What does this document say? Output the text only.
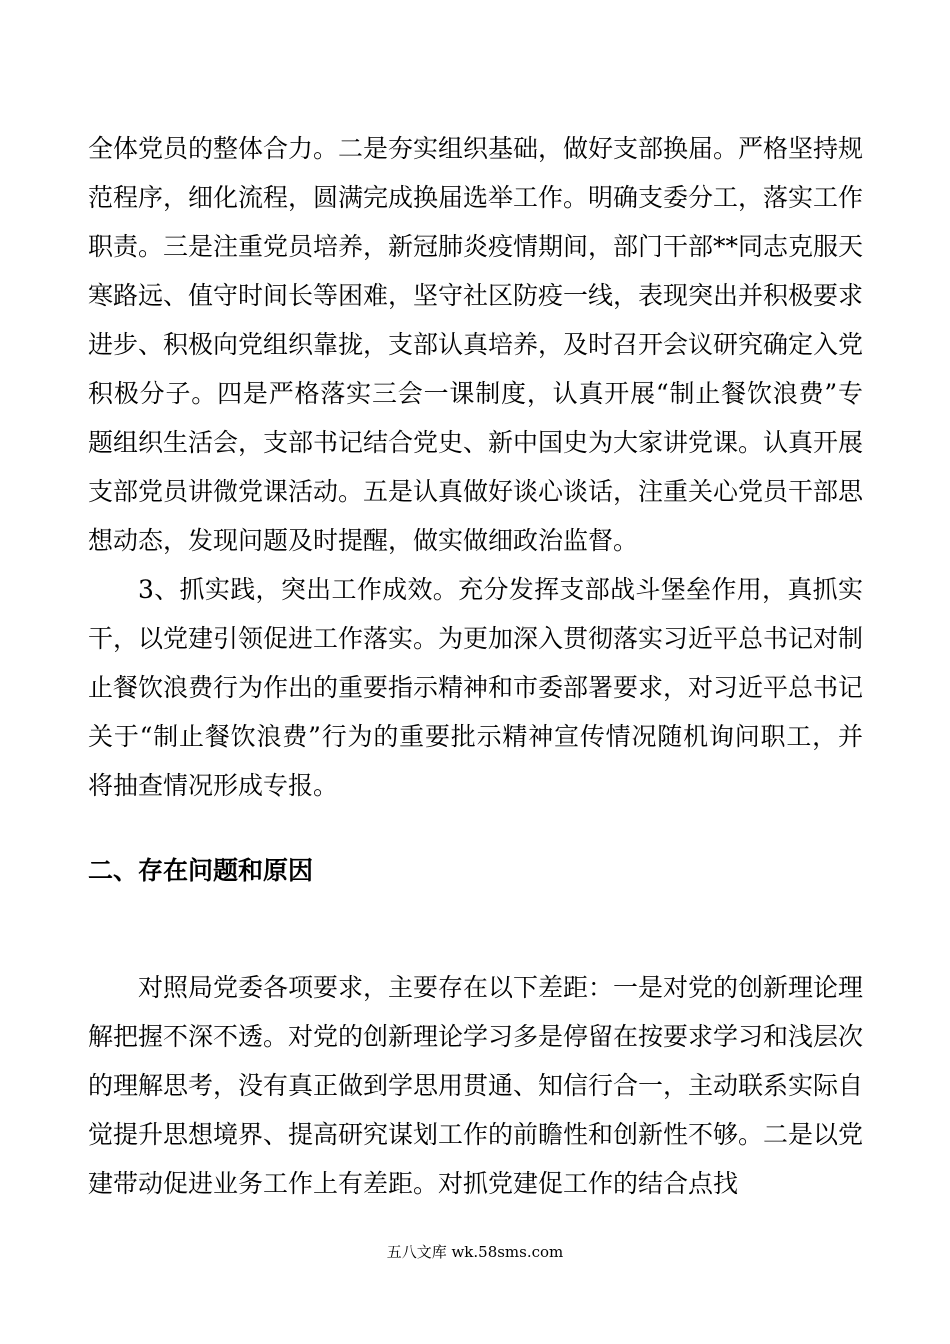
全体党员的整体合力。二是夯实组织基础，做好支部换届。严格坚持规范程序，细化流程，圆满完成换届选举工作。明确支委分工，落实工作职责。三是注重党员培养，新冠肺炎疫情期间，部门干部**同志克服天寒路远、值守时间长等困难，坚守社区防疫一线，表现突出并积极要求进步、积极向党组织靠拢，支部认真培养，及时召开会议研究确定入党积极分子。四是严格落实三会一课制度，认真开展“制止餐饮浪费”专题组织生活会，支部书记结合党史、新中国史为大家讲党课。认真开展支部党员讲微党课活动。五是认真做好谈心谈话，注重关心党员干部思想动态，发现问题及时提醒，做实做细政治监督。

3、抓实践，突出工作成效。充分发挥支部战斗堡垒作用，真抓实干，以党建引领促进工作落实。为更加深入贯彻落实习近平总书记对制止餐饮浪费行为作出的重要指示精神和市委部署要求，对习近平总书记关于“制止餐饮浪费”行为的重要批示精神宣传情况随机询问职工，并将抽查情况形成专报。

二、存在问题和原因

对照局党委各项要求，主要存在以下差距：一是对党的创新理论理解把握不深不透。对党的创新理论学习多是停留在按要求学习和浅层次的理解思考，没有真正做到学思用贯通、知信行合一，主动联系实际自觉提升思想境界、提高研究谋划工作的前瞻性和创新性不够。二是以党建带动促进业务工作上有差距。对抓党建促工作的结合点找

五八文库 wk.58sms.com
